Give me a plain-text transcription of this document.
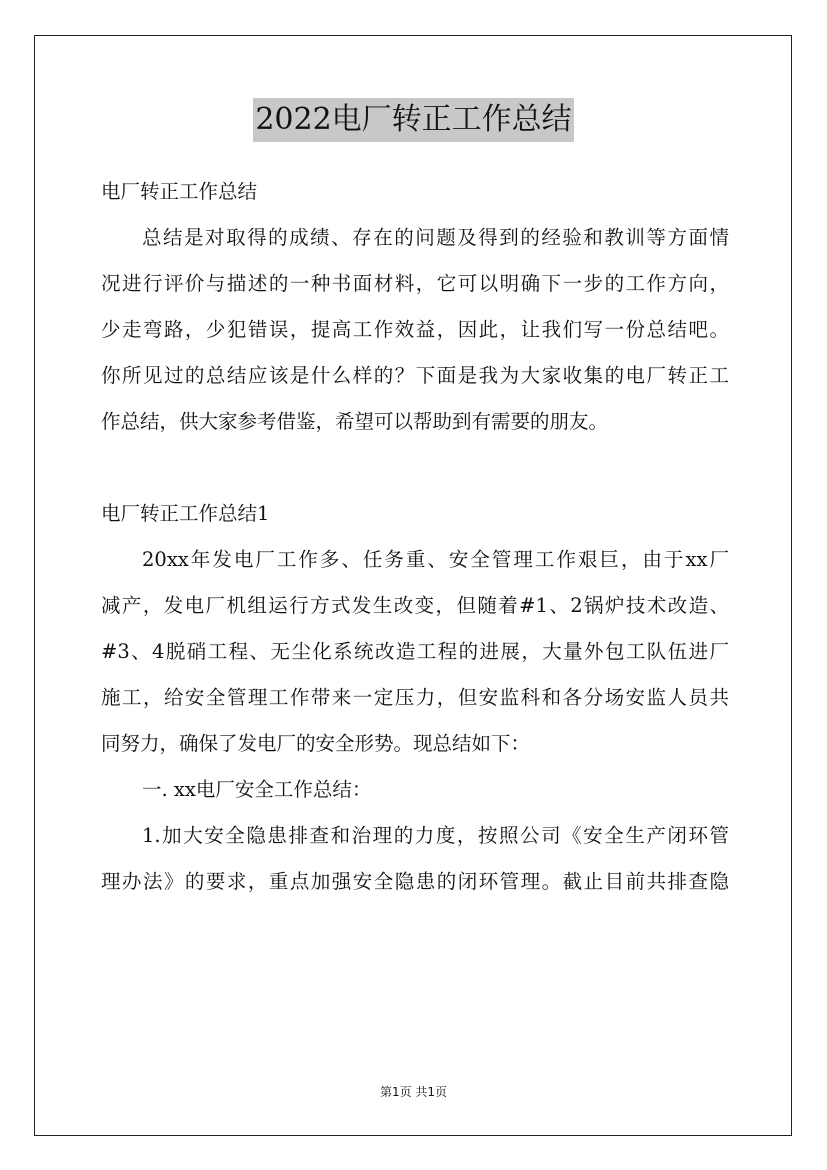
2022电厂转正工作总结
电厂转正工作总结
总结是对取得的成绩、存在的问题及得到的经验和教训等方面情
况进行评价与描述的一种书面材料，它可以明确下一步的工作方向，
少走弯路，少犯错误，提高工作效益，因此，让我们写一份总结吧。
你所见过的总结应该是什么样的？下面是我为大家收集的电厂转正工
作总结，供大家参考借鉴，希望可以帮助到有需要的朋友。
电厂转正工作总结1
20xx年发电厂工作多、任务重、安全管理工作艰巨，由于xx厂
减产，发电厂机组运行方式发生改变，但随着#1、2锅炉技术改造、
#3、4脱硝工程、无尘化系统改造工程的进展，大量外包工队伍进厂
施工，给安全管理工作带来一定压力，但安监科和各分场安监人员共
同努力，确保了发电厂的安全形势。现总结如下：
一. xx电厂安全工作总结：
1.加大安全隐患排查和治理的力度，按照公司《安全生产闭环管
理办法》的要求，重点加强安全隐患的闭环管理。截止目前共排查隐
第1页 共1页
